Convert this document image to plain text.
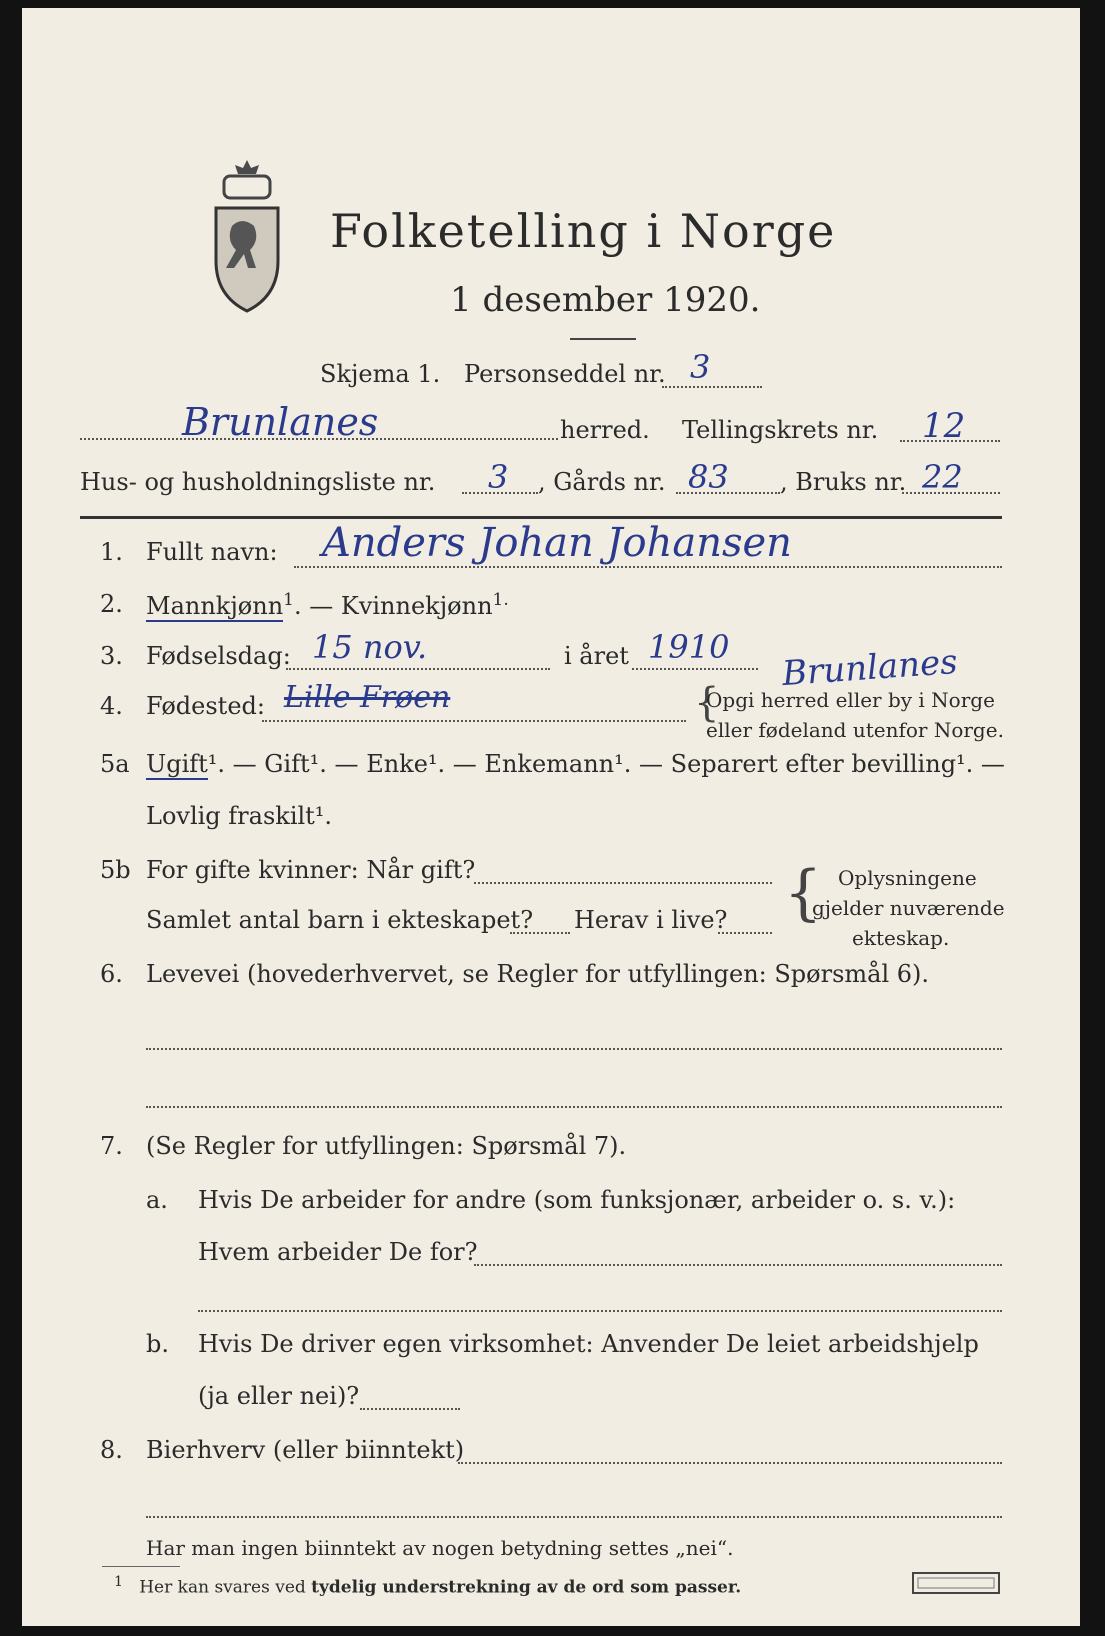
Folketelling i Norge
1 desember 1920.
Skjema 1. Personseddel nr. 3
Brunlanes	herred. Tellingskrets nr. 12
Hus- og husholdningsliste nr. 3 , Gårds nr. 83 , Bruks nr. 22
1. Fullt navn: Anders Johan Johansen
2. Mannkjønn$^1$. — Kvinnekjønn$^{1.}$
3. Fødselsdag: 15 nov.	i året 1910 Brunlanes
4. Fødested: Lille Frøen	{
Opgi herred eller by i Norge
eller fødeland utenfor Norge.
5a Ugift¹. — Gift¹. — Enke¹. — Enkemann¹. — Separert efter bevilling¹. —
Lovlig fraskilt¹.
5b For gifte kvinner: Når gift?
Samlet antal barn i ekteskapet? Herav i live? { Oplysningene
gjelder nuværende
ekteskap.
6. Levevei (hovederhvervet, se Regler for utfyllingen: Spørsmål 6).
7. (Se Regler for utfyllingen: Spørsmål 7).
a. Hvis De arbeider for andre (som funksjonær, arbeider o. s. v.):
Hvem arbeider De for?
b. Hvis De driver egen virksomhet: Anvender De leiet arbeidshjelp
(ja eller nei)?
8. Bierhverv (eller biinntekt)
Har man ingen biinntekt av nogen betydning settes „nei“.
$^1$ Her kan svares ved tydelig understrekning av de ord som passer.
